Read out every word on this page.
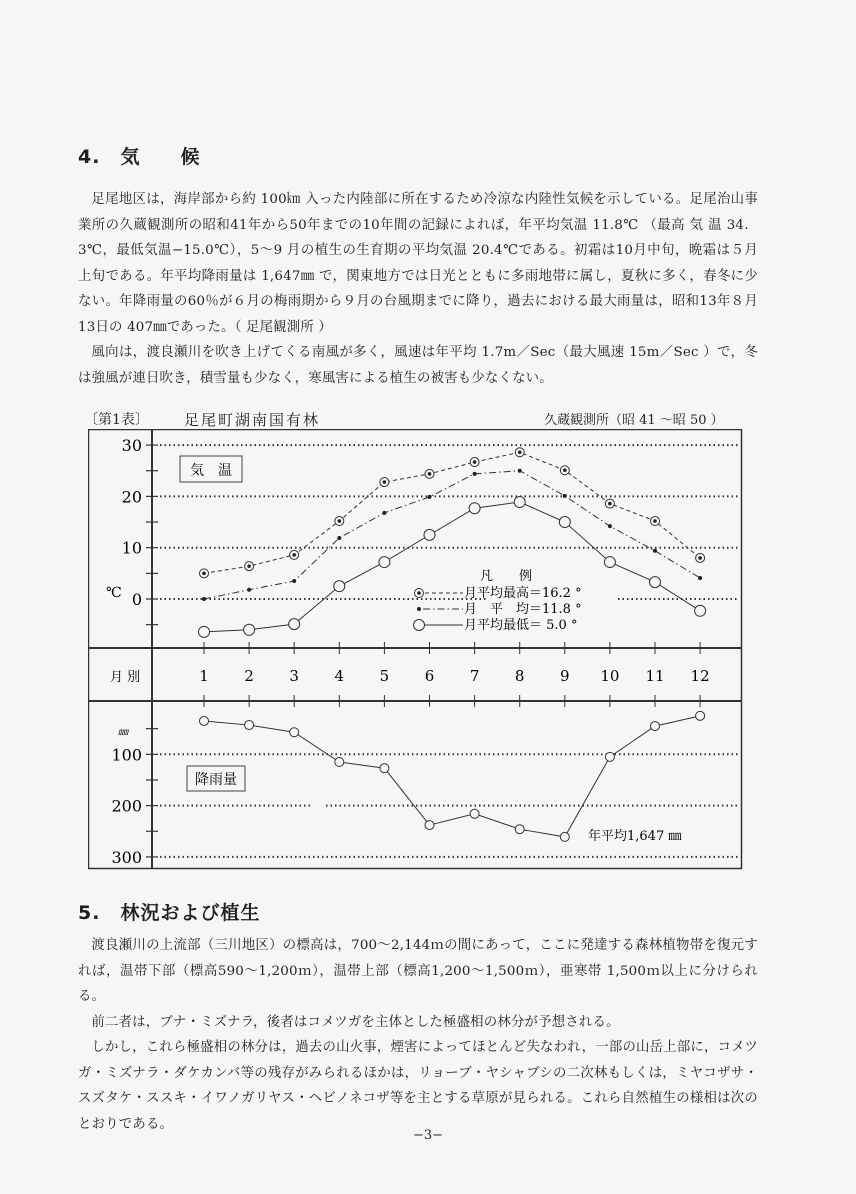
4.　気　　候

足尾地区は，海岸部から約 100㎞ 入った内陸部に所在するため冷涼な内陸性気候を示している。足尾治山事業所の久蔵観測所の昭和41年から50年までの10年間の記録によれば，年平均気温 11.8℃ （最高 気 温 34．3℃，最低気温−15.0℃），5〜9 月の植生の生育期の平均気温 20.4℃である。初霜は10月中旬，晩霜は５月上旬である。年平均降雨量は 1,647㎜ で，関東地方では日光とともに多雨地帯に属し，夏秋に多く，春冬に少ない。年降雨量の60％が６月の梅雨期から９月の台風期までに降り，過去における最大雨量は，昭和13年８月13日の 407㎜であった。（ 足尾観測所 ）

風向は，渡良瀬川を吹き上げてくる南風が多く，風速は年平均 1.7m／Sec（最大風速 15m／Sec ）で，冬は強風が連日吹き，積雪量も少なく，寒風害による植生の被害も少なくない。

〔第1表〕 足尾町湖南国有林	久蔵観測所（昭 41 〜昭 50 ）
0
10
20
30
100
200
300
1 2 3 4 5 6 7 8 9 10 11 12
気　温
℃
月 別
降雨量
㎜
年平均1,647 ㎜
凡　　例
月平均最高＝16.2 °
月　平　均＝11.8 °
月平均最低＝ 5.0 °
5.　林況および植生

渡良瀬川の上流部（三川地区）の標高は，700〜2,144ｍの間にあって，ここに発達する森林植物帯を復元すれば，温帯下部（標高590〜1,200ｍ），温帯上部（標高1,200〜1,500ｍ），亜寒帯 1,500ｍ以上に分けられる。

前二者は，ブナ・ミズナラ，後者はコメツガを主体とした極盛相の林分が予想される。

しかし，これら極盛相の林分は，過去の山火事，煙害によってほとんど失なわれ，一部の山岳上部に，コメツガ・ミズナラ・ダケカンバ等の残存がみられるほかは，リョーブ・ヤシャブシの二次林もしくは，ミヤコザサ・スズタケ・ススキ・イワノガリヤス・ヘビノネコザ等を主とする草原が見られる。これら自然植生の様相は次のとおりである。

−3−
